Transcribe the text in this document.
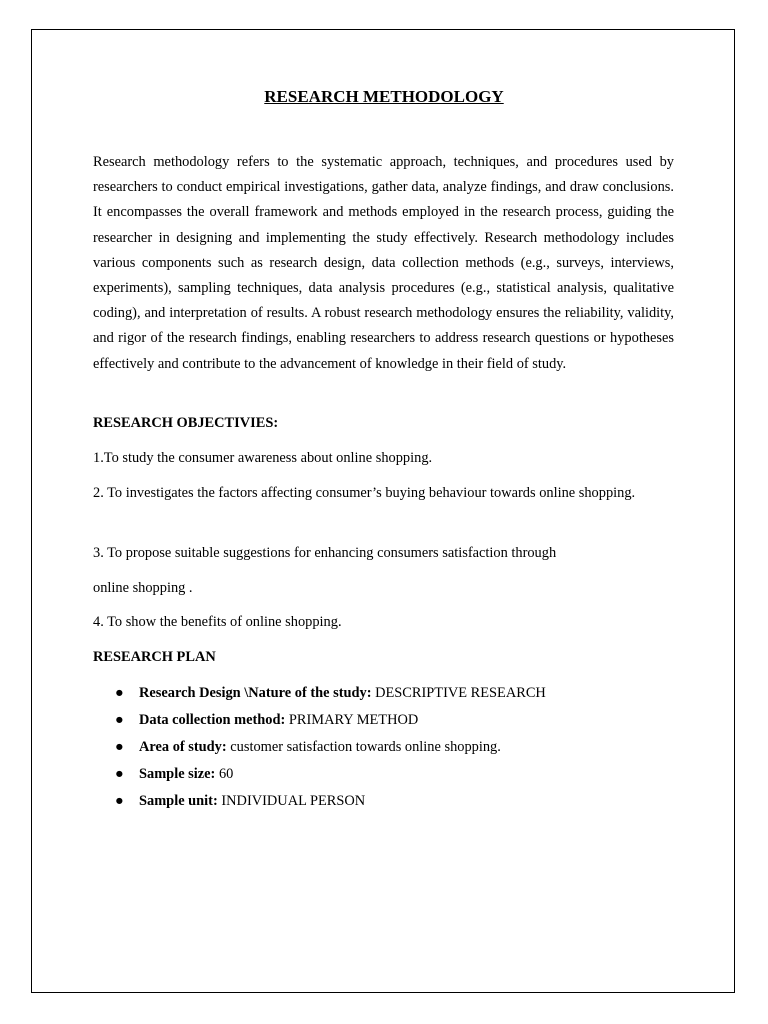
RESEARCH METHODOLOGY

Research methodology refers to the systematic approach, techniques, and procedures used by researchers to conduct empirical investigations, gather data, analyze findings, and draw conclusions. It encompasses the overall framework and methods employed in the research process, guiding the researcher in designing and implementing the study effectively. Research methodology includes various components such as research design, data collection methods (e.g., surveys, interviews, experiments), sampling techniques, data analysis procedures (e.g., statistical analysis, qualitative coding), and interpretation of results. A robust research methodology ensures the reliability, validity, and rigor of the research findings, enabling researchers to address research questions or hypotheses effectively and contribute to the advancement of knowledge in their field of study.

RESEARCH OBJECTIVIES:

1.To study the consumer awareness about online shopping.

2. To investigates the factors affecting consumer’s buying behaviour towards online shopping.

3. To propose suitable suggestions for enhancing consumers satisfaction through

online shopping .

4. To show the benefits of online shopping.

RESEARCH PLAN

● Research Design \Nature of the study: DESCRIPTIVE RESEARCH
● Data collection method: PRIMARY METHOD
● Area of study: customer satisfaction towards online shopping.
● Sample size: 60
● Sample unit: INDIVIDUAL PERSON
